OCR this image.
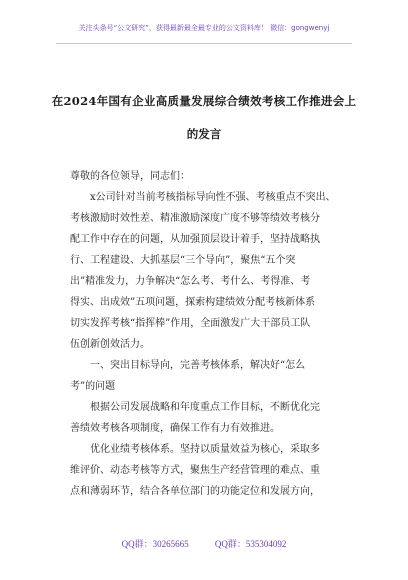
关注头条号“公文研究”，获得最新最全最专业的公文资料库！ 微信：gongwenyj
在2024年国有企业高质量发展综合绩效考核工作推进会上
的发言
尊敬的各位领导，同志们：
x公司针对当前考核指标导向性不强、考核重点不突出、
考核激励时效性差、精准激励深度广度不够等绩效考核分
配工作中存在的问题，从加强顶层设计着手，坚持战略执
行、工程建设、大抓基层“三个导向”，聚焦“五个突
出”精准发力，力争解决“怎么考、考什么、考得准、考
得实、出成效”五项问题，探索构建绩效分配考核新体系
切实发挥考核“指挥棒”作用，全面激发广大干部员工队
伍创新创效活力。
一、突出目标导向，完善考核体系，解决好“怎么
考”的问题
根据公司发展战略和年度重点工作目标，不断优化完
善绩效考核各项制度，确保工作有力有效推进。
优化业绩考核体系。坚持以质量效益为核心，采取多
维评价、动态考核等方式，聚焦生产经营管理的难点、重
点和薄弱环节，结合各单位部门的功能定位和发展方向，
QQ群：30265665	QQ群：535304092
